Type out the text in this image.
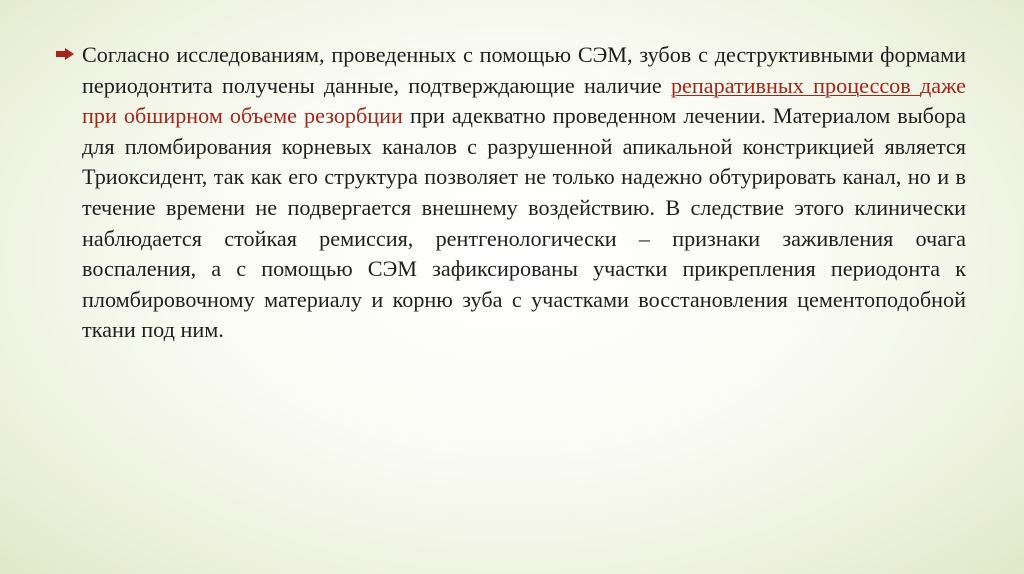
Согласно исследованиям, проведенных с помощью СЭМ, зубов с деструктивными формами периодонтита получены данные, подтверждающие наличие репаративных процессов даже при обширном объеме резорбции при адекватно проведенном лечении. Материалом выбора для пломбирования корневых каналов с разрушенной апикальной констрикцией является Триоксидент, так как его структура позволяет не только надежно обтурировать канал, но и в течение времени не подвергается внешнему воздействию. В следствие этого клинически наблюдается стойкая ремиссия, рентгенологически – признаки заживления очага воспаления, а с помощью СЭМ зафиксированы участки прикрепления периодонта к пломбировочному материалу и корню зуба с участками восстановления цементоподобной ткани под ним.
